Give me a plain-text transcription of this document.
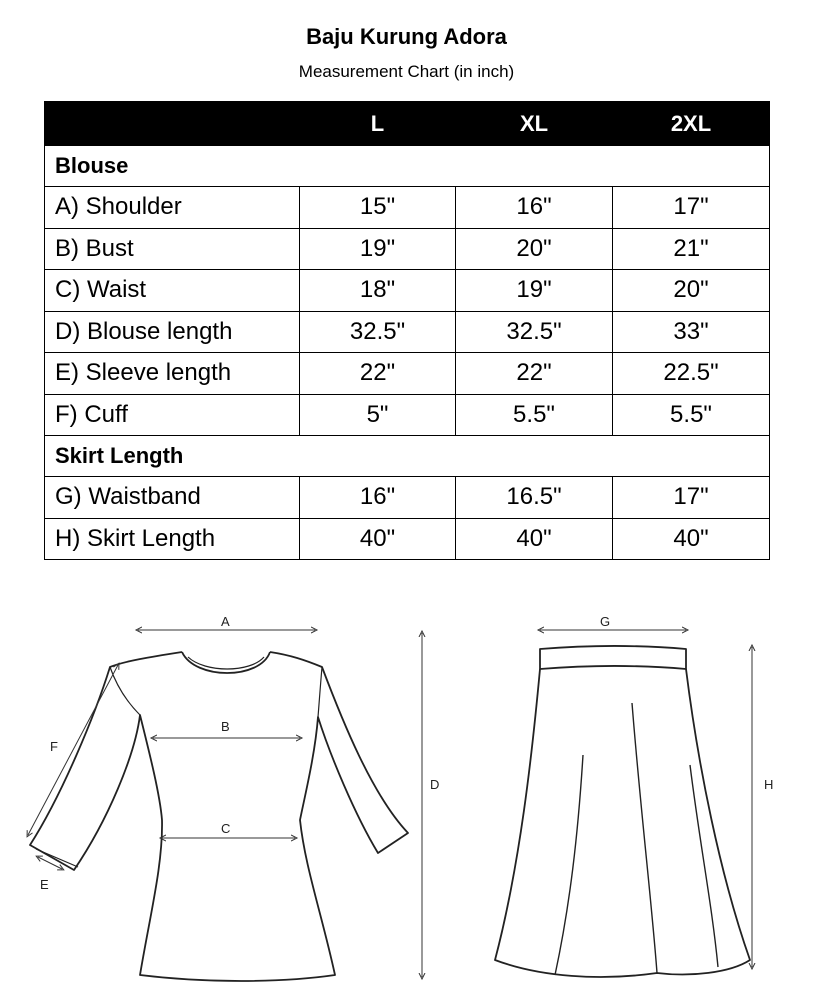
Baju Kurung Adora
Measurement Chart (in inch)
	L	XL	2XL
Blouse			
A) Shoulder	15"	16"	17"
B) Bust	19"	20"	21"
C) Waist	18"	19"	20"
D) Blouse length	32.5"	32.5"	33"
E) Sleeve length	22"	22"	22.5"
F) Cuff	5"	5.5"	5.5"
Skirt Length			
G) Waistband	16"	16.5"	17"
H) Skirt Length	40"	40"	40"
A
B
C
D
F
E
G
H
